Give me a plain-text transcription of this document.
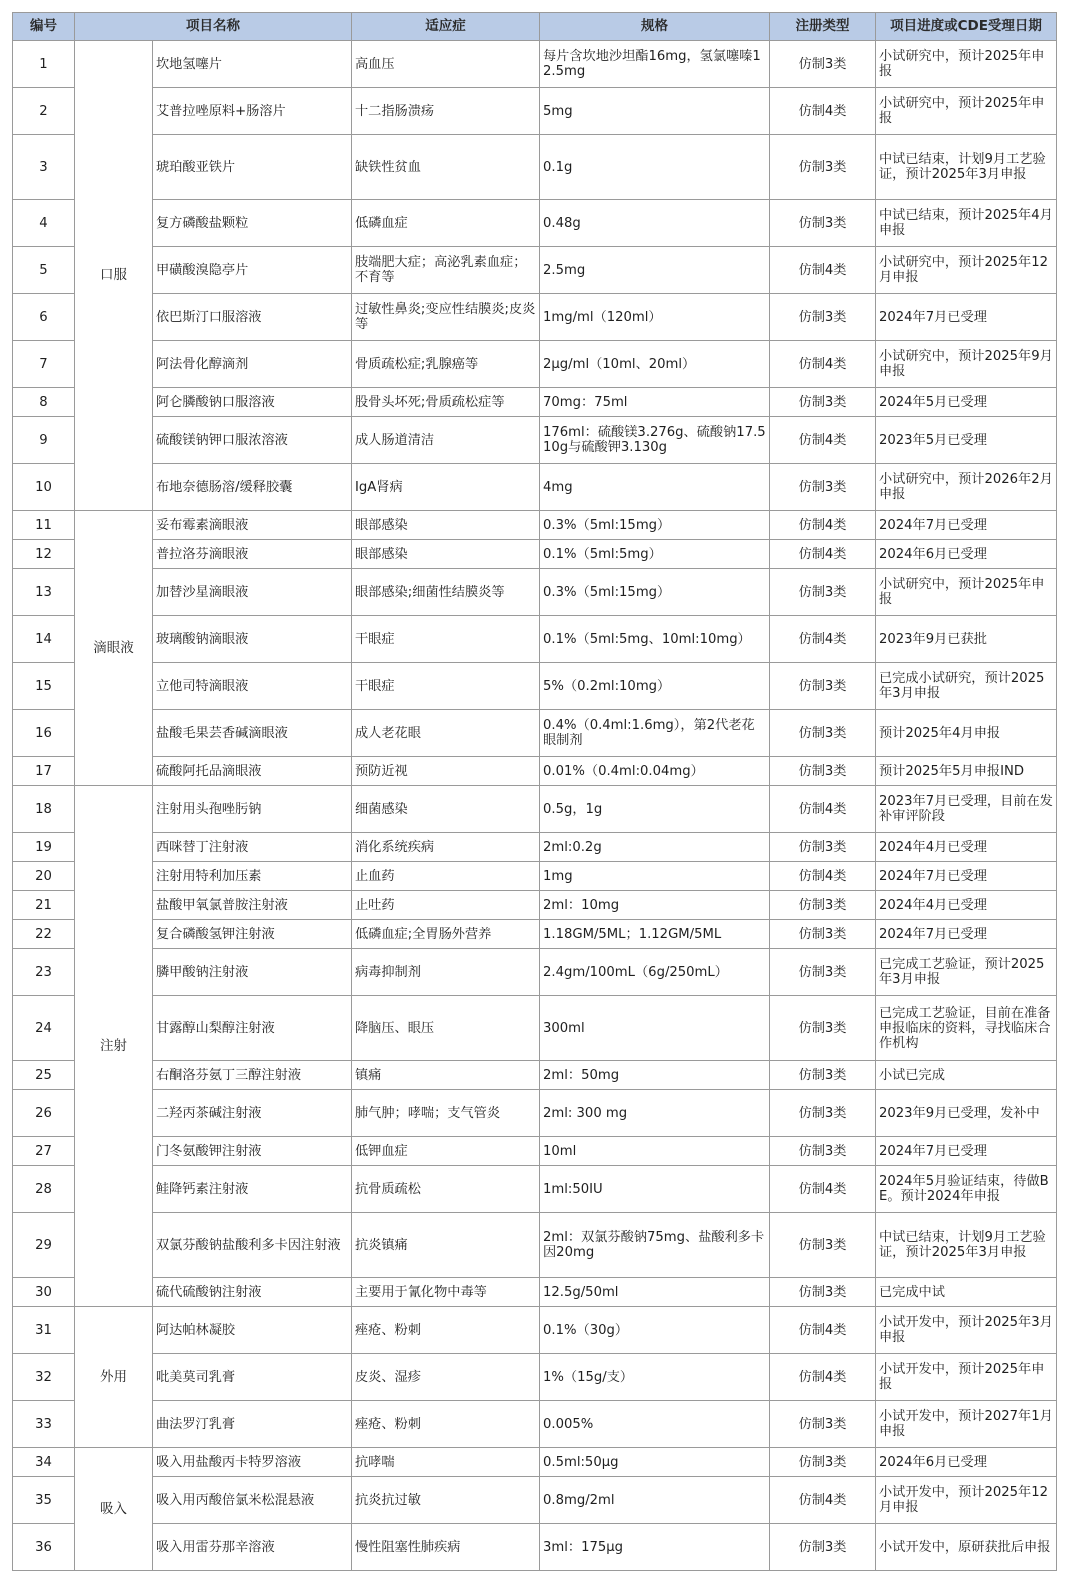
编号	项目名称		适应症	规格	注册类型	项目进度或CDE受理日期
1	口服	坎地氢噻片	高血压	每片含坎地沙坦酯16mg，氢氯噻嗪12.5mg	仿制3类	小试研究中，预计2025年申报
2		艾普拉唑原料+肠溶片	十二指肠溃疡	5mg	仿制4类	小试研究中，预计2025年申报
3		琥珀酸亚铁片	缺铁性贫血	0.1g	仿制3类	中试已结束，计划9月工艺验证，预计2025年3月申报
4		复方磷酸盐颗粒	低磷血症	0.48g	仿制3类	中试已结束，预计2025年4月申报
5		甲磺酸溴隐亭片	肢端肥大症；高泌乳素血症；不育等	2.5mg	仿制4类	小试研究中，预计2025年12月申报
6		依巴斯汀口服溶液	过敏性鼻炎;变应性结膜炎;皮炎等	1mg/ml（120ml）	仿制3类	2024年7月已受理
7		阿法骨化醇滴剂	骨质疏松症;乳腺癌等	2μg/ml（10ml、20ml）	仿制4类	小试研究中，预计2025年9月申报
8		阿仑膦酸钠口服溶液	股骨头坏死;骨质疏松症等	70mg：75ml	仿制3类	2024年5月已受理
9		硫酸镁钠钾口服浓溶液	成人肠道清洁	176ml：硫酸镁3.276g、硫酸钠17.510g与硫酸钾3.130g	仿制4类	2023年5月已受理
10		布地奈德肠溶/缓释胶囊	IgA肾病	4mg	仿制3类	小试研究中，预计2026年2月申报
11	滴眼液	妥布霉素滴眼液	眼部感染	0.3%（5ml:15mg）	仿制4类	2024年7月已受理
12		普拉洛芬滴眼液	眼部感染	0.1%（5ml:5mg）	仿制4类	2024年6月已受理
13		加替沙星滴眼液	眼部感染;细菌性结膜炎等	0.3%（5ml:15mg）	仿制3类	小试研究中，预计2025年申报
14		玻璃酸钠滴眼液	干眼症	0.1%（5ml:5mg、10ml:10mg）	仿制4类	2023年9月已获批
15		立他司特滴眼液	干眼症	5%（0.2ml:10mg）	仿制3类	已完成小试研究，预计2025年3月申报
16		盐酸毛果芸香碱滴眼液	成人老花眼	0.4%（0.4ml:1.6mg），第2代老花眼制剂	仿制3类	预计2025年4月申报
17		硫酸阿托品滴眼液	预防近视	0.01%（0.4ml:0.04mg）	仿制3类	预计2025年5月申报IND
18	注射	注射用头孢唑肟钠	细菌感染	0.5g，1g	仿制4类	2023年7月已受理，目前在发补审评阶段
19		西咪替丁注射液	消化系统疾病	2ml:0.2g	仿制3类	2024年4月已受理
20		注射用特利加压素	止血药	1mg	仿制4类	2024年7月已受理
21		盐酸甲氧氯普胺注射液	止吐药	2ml：10mg	仿制3类	2024年4月已受理
22		复合磷酸氢钾注射液	低磷血症;全胃肠外营养	1.18GM/5ML；1.12GM/5ML	仿制3类	2024年7月已受理
23		膦甲酸钠注射液	病毒抑制剂	2.4gm/100mL（6g/250mL）	仿制3类	已完成工艺验证，预计2025年3月申报
24		甘露醇山梨醇注射液	降脑压、眼压	300ml	仿制3类	已完成工艺验证，目前在准备申报临床的资料，寻找临床合作机构
25		右酮洛芬氨丁三醇注射液	镇痛	2ml：50mg	仿制3类	小试已完成
26		二羟丙茶碱注射液	肺气肿；哮喘；支气管炎	2ml: 300 mg	仿制3类	2023年9月已受理，发补中
27		门冬氨酸钾注射液	低钾血症	10ml	仿制3类	2024年7月已受理
28		鲑降钙素注射液	抗骨质疏松	1ml:50IU	仿制4类	2024年5月验证结束，待做BE。预计2024年申报
29		双氯芬酸钠盐酸利多卡因注射液	抗炎镇痛	2ml：双氯芬酸钠75mg、盐酸利多卡因20mg	仿制3类	中试已结束，计划9月工艺验证，预计2025年3月申报
30		硫代硫酸钠注射液	主要用于氰化物中毒等	12.5g/50ml	仿制3类	已完成中试
31	外用	阿达帕林凝胶	痤疮、粉刺	0.1%（30g）	仿制4类	小试开发中，预计2025年3月申报
32		吡美莫司乳膏	皮炎、湿疹	1%（15g/支）	仿制4类	小试开发中，预计2025年申报
33		曲法罗汀乳膏	痤疮、粉刺	0.005%	仿制3类	小试开发中，预计2027年1月申报
34	吸入	吸入用盐酸丙卡特罗溶液	抗哮喘	0.5ml:50μg	仿制3类	2024年6月已受理
35		吸入用丙酸倍氯米松混悬液	抗炎抗过敏	0.8mg/2ml	仿制4类	小试开发中，预计2025年12月申报
36		吸入用雷芬那辛溶液	慢性阻塞性肺疾病	3ml：175μg	仿制3类	小试开发中，原研获批后申报
